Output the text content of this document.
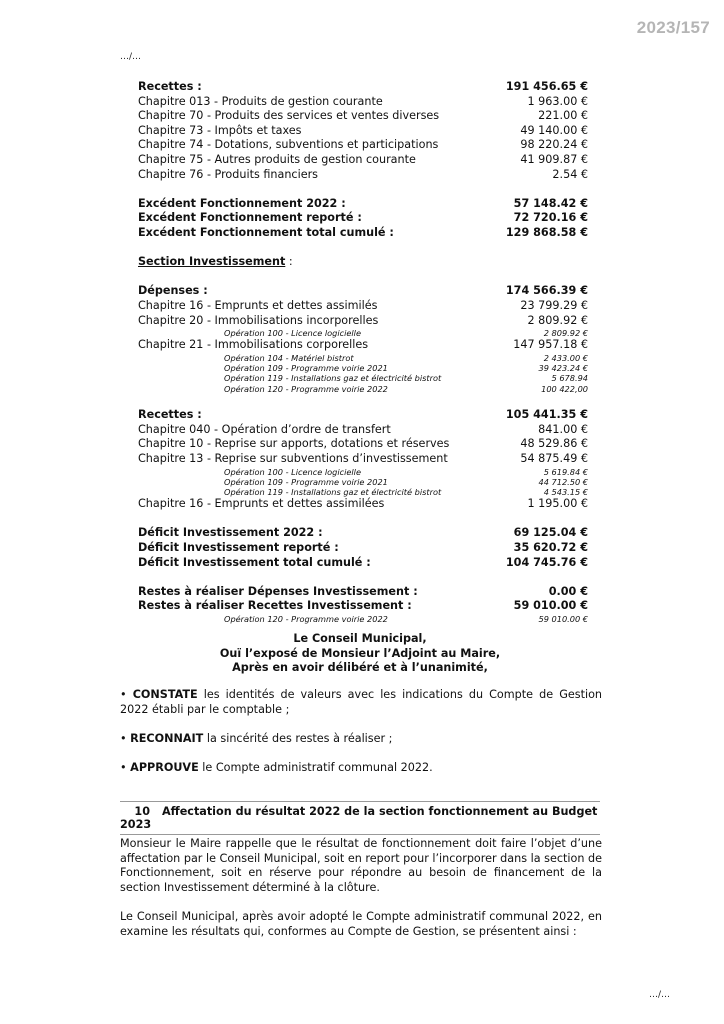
2023/157
…/…
Recettes :	191 456.65 €
Chapitre 013 - Produits de gestion courante	1 963.00 €
Chapitre 70 - Produits des services et ventes diverses	221.00 €
Chapitre 73 - Impôts et taxes	49 140.00 €
Chapitre 74 - Dotations, subventions et participations	98 220.24 €
Chapitre 75 - Autres produits de gestion courante	41 909.87 €
Chapitre 76 - Produits financiers	2.54 €
Excédent Fonctionnement 2022 :	57 148.42 €
Excédent Fonctionnement reporté :	72 720.16 €
Excédent Fonctionnement total cumulé :	129 868.58 €
Section Investissement :
Dépenses :	174 566.39 €
Chapitre 16 - Emprunts et dettes assimilés	23 799.29 €
Chapitre 20 - Immobilisations incorporelles	2 809.92 €
Opération 100 - Licence logicielle	2 809.92 €
Chapitre 21 - Immobilisations corporelles	147 957.18 €
Opération 104 - Matériel bistrot	2 433.00 €
Opération 109 - Programme voirie 2021	39 423.24 €
Opération 119 - Installations gaz et électricité bistrot	5 678.94
Opération 120 - Programme voirie 2022	100 422,00
Recettes :	105 441.35 €
Chapitre 040 - Opération d’ordre de transfert	841.00 €
Chapitre 10 - Reprise sur apports, dotations et réserves	48 529.86 €
Chapitre 13 - Reprise sur subventions d’investissement	54 875.49 €
Opération 100 - Licence logicielle	5 619.84 €
Opération 109 - Programme voirie 2021	44 712.50 €
Opération 119 - Installations gaz et électricité bistrot	4 543.15 €
Chapitre 16 - Emprunts et dettes assimilées	1 195.00 €
Déficit Investissement 2022 :	69 125.04 €
Déficit Investissement reporté :	35 620.72 €
Déficit Investissement total cumulé :	104 745.76 €
Restes à réaliser Dépenses Investissement :	0.00 €
Restes à réaliser Recettes Investissement :	59 010.00 €
Opération 120 - Programme voirie 2022	59 010.00 €
Le Conseil Municipal,
Ouï l’exposé de Monsieur l’Adjoint au Maire,
Après en avoir délibéré et à l’unanimité,

• CONSTATE les identités de valeurs avec les indications du Compte de Gestion 2022 établi par le comptable ;

• RECONNAIT la sincérité des restes à réaliser ;

• APPROUVE le Compte administratif communal 2022.

10 Affectation du résultat 2022 de la section fonctionnement au Budget 2023

Monsieur le Maire rappelle que le résultat de fonctionnement doit faire l’objet d’une affectation par le Conseil Municipal, soit en report pour l’incorporer dans la section de Fonctionnement, soit en réserve pour répondre au besoin de financement de la section Investissement déterminé à la clôture.

Le Conseil Municipal, après avoir adopté le Compte administratif communal 2022, en examine les résultats qui, conformes au Compte de Gestion, se présentent ainsi :

…/…
